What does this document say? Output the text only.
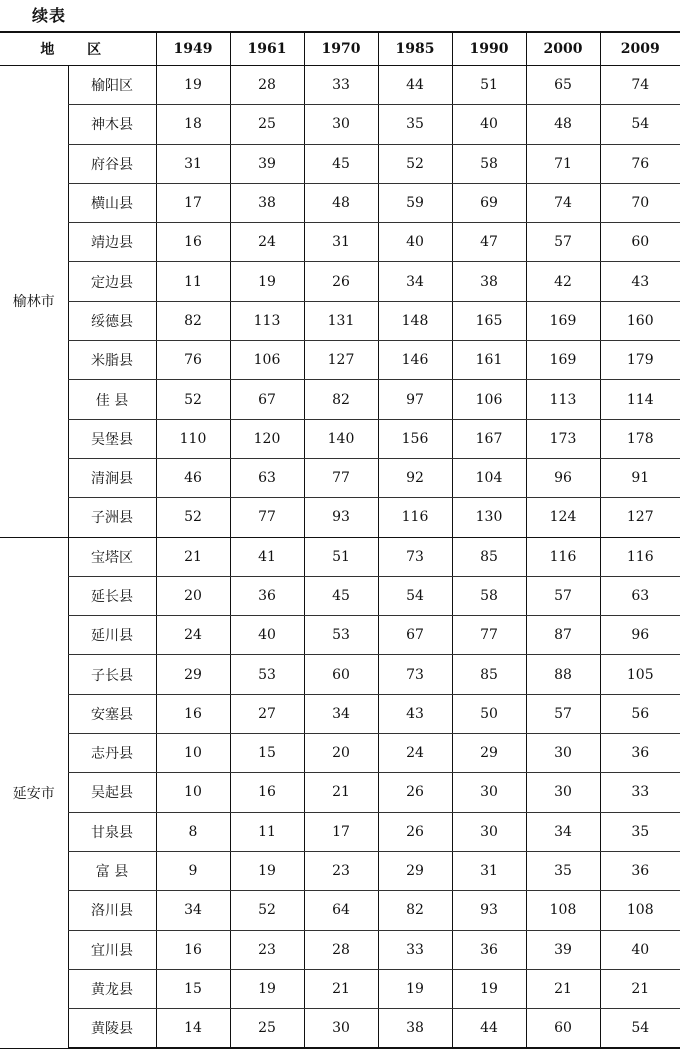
续表
地 区		1949	1961	1970	1985	1990	2000	2009
榆林市	榆阳区	19	28	33	44	51	65	74
	神木县	18	25	30	35	40	48	54
	府谷县	31	39	45	52	58	71	76
	横山县	17	38	48	59	69	74	70
	靖边县	16	24	31	40	47	57	60
	定边县	11	19	26	34	38	42	43
	绥德县	82	113	131	148	165	169	160
	米脂县	76	106	127	146	161	169	179
	佳 县	52	67	82	97	106	113	114
	吴堡县	110	120	140	156	167	173	178
	清涧县	46	63	77	92	104	96	91
	子洲县	52	77	93	116	130	124	127
延安市	宝塔区	21	41	51	73	85	116	116
	延长县	20	36	45	54	58	57	63
	延川县	24	40	53	67	77	87	96
	子长县	29	53	60	73	85	88	105
	安塞县	16	27	34	43	50	57	56
	志丹县	10	15	20	24	29	30	36
	吴起县	10	16	21	26	30	30	33
	甘泉县	8	11	17	26	30	34	35
	富 县	9	19	23	29	31	35	36
	洛川县	34	52	64	82	93	108	108
	宜川县	16	23	28	33	36	39	40
	黄龙县	15	19	21	19	19	21	21
	黄陵县	14	25	30	38	44	60	54
